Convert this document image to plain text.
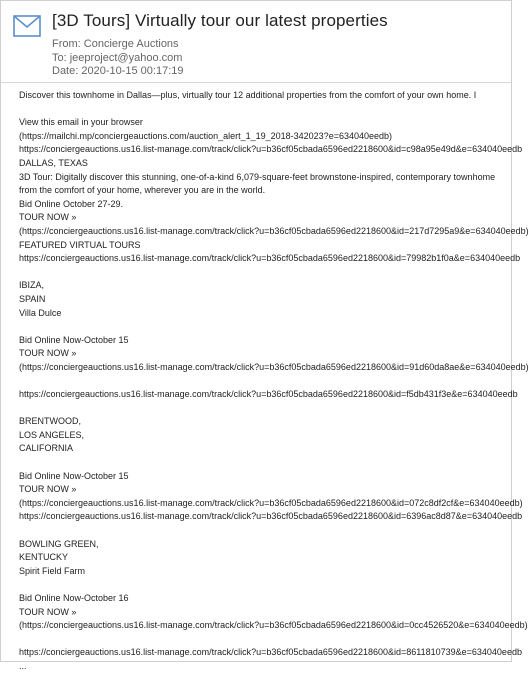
[3D Tours] Virtually tour our latest properties
From: Concierge Auctions
To: jeeproject@yahoo.com
Date: 2020-10-15 00:17:19
Discover this townhome in Dallas—plus, virtually tour 12 additional properties from the comfort of your own home. I
View this email in your browser
(https://mailchi.mp/conciergeauctions.com/auction_alert_1_19_2018-342023?e=634040eedb)
https://conciergeauctions.us16.list-manage.com/track/click?u=b36cf05cbada6596ed2218600&id=c98a95e49d&e=634040eedb
DALLAS, TEXAS
3D Tour: Digitally discover this stunning, one-of-a-kind 6,079-square-feet brownstone-inspired, contemporary townhome
from the comfort of your home, wherever you are in the world.
Bid Online October 27-29.
TOUR NOW »
(https://conciergeauctions.us16.list-manage.com/track/click?u=b36cf05cbada6596ed2218600&id=217d7295a9&e=634040eedb)
FEATURED VIRTUAL TOURS
https://conciergeauctions.us16.list-manage.com/track/click?u=b36cf05cbada6596ed2218600&id=79982b1f0a&e=634040eedb
IBIZA,
SPAIN
Villa Dulce
Bid Online Now-October 15
TOUR NOW »
(https://conciergeauctions.us16.list-manage.com/track/click?u=b36cf05cbada6596ed2218600&id=91d60da8ae&e=634040eedb)
https://conciergeauctions.us16.list-manage.com/track/click?u=b36cf05cbada6596ed2218600&id=f5db431f3e&e=634040eedb
BRENTWOOD,
LOS ANGELES,
CALIFORNIA
Bid Online Now-October 15
TOUR NOW »
(https://conciergeauctions.us16.list-manage.com/track/click?u=b36cf05cbada6596ed2218600&id=072c8df2cf&e=634040eedb)
https://conciergeauctions.us16.list-manage.com/track/click?u=b36cf05cbada6596ed2218600&id=6396ac8d87&e=634040eedb
BOWLING GREEN,
KENTUCKY
Spirit Field Farm
Bid Online Now-October 16
TOUR NOW »
(https://conciergeauctions.us16.list-manage.com/track/click?u=b36cf05cbada6596ed2218600&id=0cc4526520&e=634040eedb)
https://conciergeauctions.us16.list-manage.com/track/click?u=b36cf05cbada6596ed2218600&id=8611810739&e=634040eedb
...
